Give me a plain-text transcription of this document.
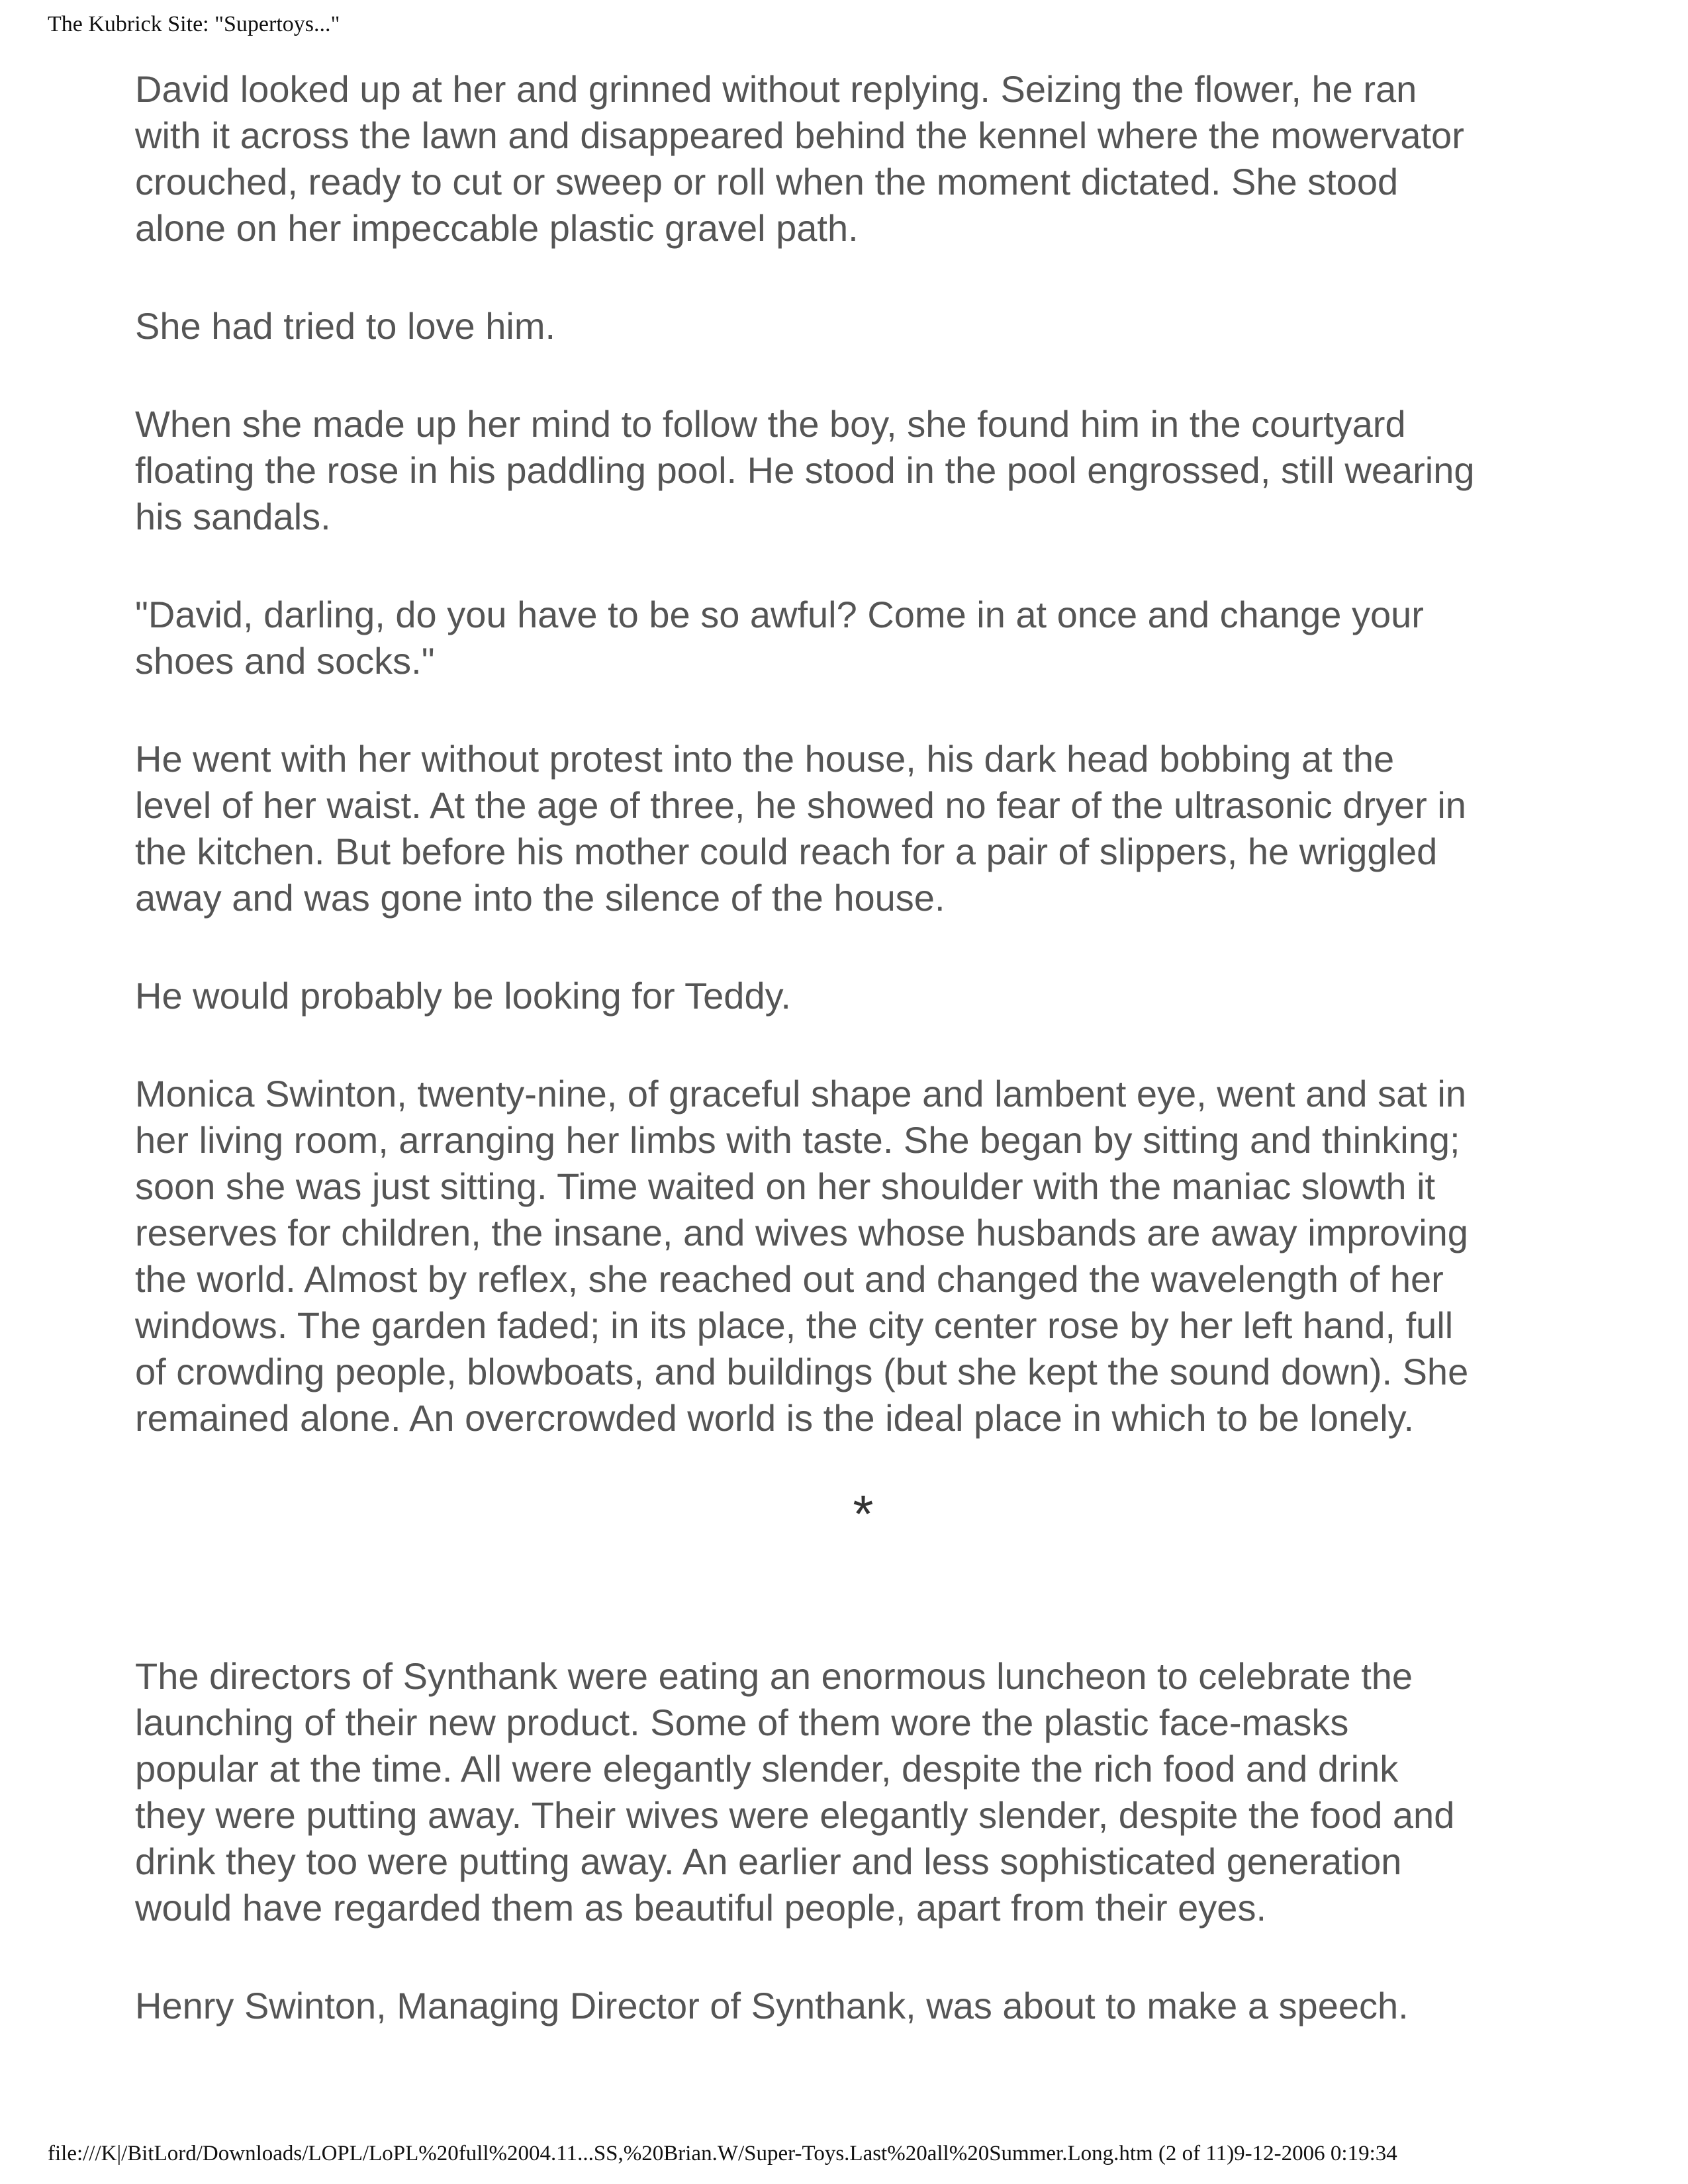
The Kubrick Site: "Supertoys..."

David looked up at her and grinned without replying. Seizing the flower, he ran
with it across the lawn and disappeared behind the kennel where the mowervator
crouched, ready to cut or sweep or roll when the moment dictated. She stood
alone on her impeccable plastic gravel path.

She had tried to love him.

When she made up her mind to follow the boy, she found him in the courtyard
floating the rose in his paddling pool. He stood in the pool engrossed, still wearing
his sandals.

"David, darling, do you have to be so awful? Come in at once and change your
shoes and socks."

He went with her without protest into the house, his dark head bobbing at the
level of her waist. At the age of three, he showed no fear of the ultrasonic dryer in
the kitchen. But before his mother could reach for a pair of slippers, he wriggled
away and was gone into the silence of the house.

He would probably be looking for Teddy.

Monica Swinton, twenty-nine, of graceful shape and lambent eye, went and sat in
her living room, arranging her limbs with taste. She began by sitting and thinking;
soon she was just sitting. Time waited on her shoulder with the maniac slowth it
reserves for children, the insane, and wives whose husbands are away improving
the world. Almost by reflex, she reached out and changed the wavelength of her
windows. The garden faded; in its place, the city center rose by her left hand, full
of crowding people, blowboats, and buildings (but she kept the sound down). She
remained alone. An overcrowded world is the ideal place in which to be lonely.

*

The directors of Synthank were eating an enormous luncheon to celebrate the
launching of their new product. Some of them wore the plastic face-masks
popular at the time. All were elegantly slender, despite the rich food and drink
they were putting away. Their wives were elegantly slender, despite the food and
drink they too were putting away. An earlier and less sophisticated generation
would have regarded them as beautiful people, apart from their eyes.

Henry Swinton, Managing Director of Synthank, was about to make a speech.

file:///K|/BitLord/Downloads/LOPL/LoPL%20full%2004.11...SS,%20Brian.W/Super-Toys.Last%20all%20Summer.Long.htm (2 of 11)9-12-2006 0:19:34
